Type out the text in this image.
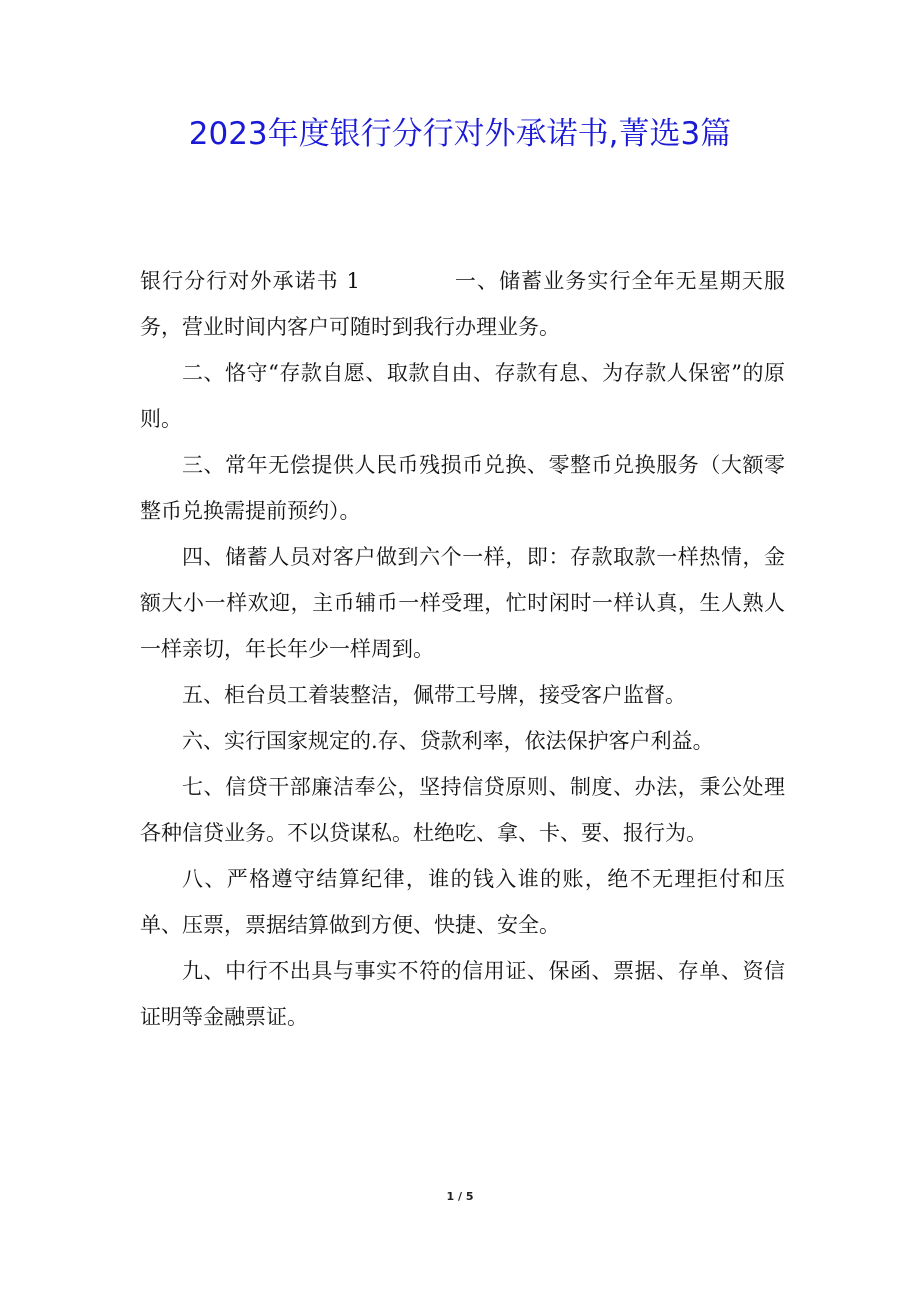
2023年度银行分行对外承诺书,菁选3篇

银行分行对外承诺书 1	一、储蓄业务实行全年无星期天服务，营业时间内客户可随时到我行办理业务。

二、恪守“存款自愿、取款自由、存款有息、为存款人保密”的原则。

三、常年无偿提供人民币残损币兑换、零整币兑换服务（大额零整币兑换需提前预约）。

四、储蓄人员对客户做到六个一样，即：存款取款一样热情，金额大小一样欢迎，主币辅币一样受理，忙时闲时一样认真，生人熟人一样亲切，年长年少一样周到。

五、柜台员工着装整洁，佩带工号牌，接受客户监督。

六、实行国家规定的.存、贷款利率，依法保护客户利益。

七、信贷干部廉洁奉公，坚持信贷原则、制度、办法，秉公处理各种信贷业务。不以贷谋私。杜绝吃、拿、卡、要、报行为。

八、严格遵守结算纪律，谁的钱入谁的账，绝不无理拒付和压单、压票，票据结算做到方便、快捷、安全。

九、中行不出具与事实不符的信用证、保函、票据、存单、资信证明等金融票证。

1 / 5
